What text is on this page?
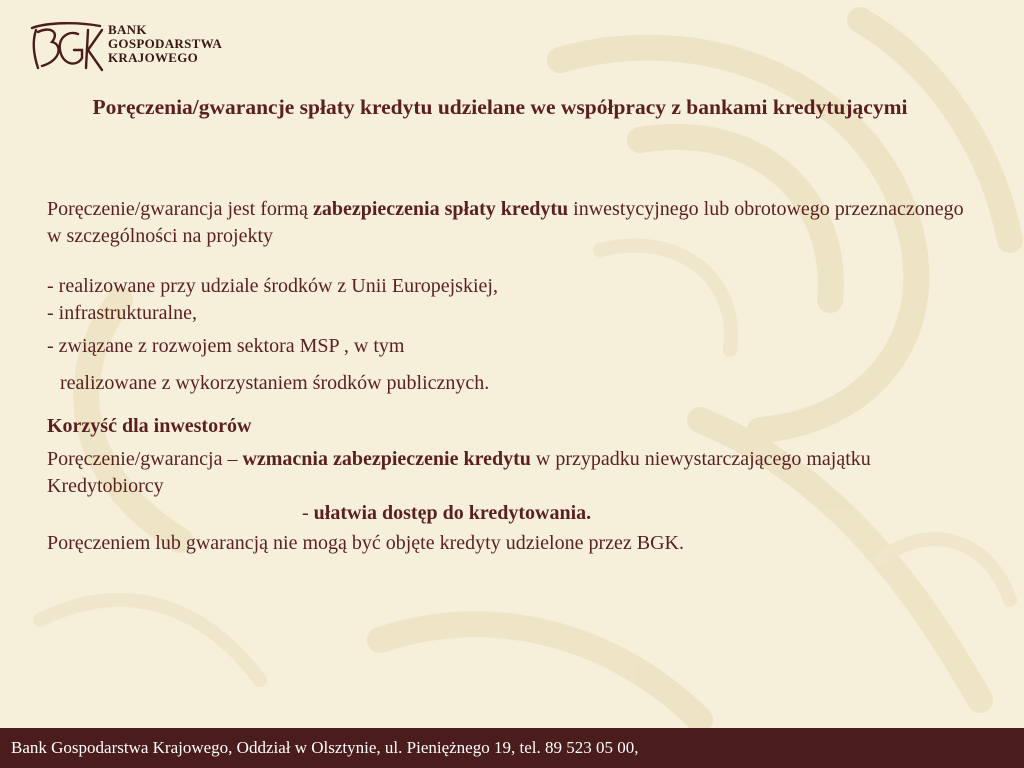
BANK
GOSPODARSTWA
KRAJOWEGO
Poręczenia/gwarancje spłaty kredytu udzielane we współpracy z bankami kredytującymi

Poręczenie/gwarancja jest formą zabezpieczenia spłaty kredytu inwestycyjnego lub obrotowego przeznaczonego w szczególności na projekty

- realizowane przy udziale środków z Unii Europejskiej,

- infrastrukturalne,

- związane z rozwojem sektora MSP , w tym

realizowane z wykorzystaniem środków publicznych.

Korzyść dla inwestorów

Poręczenie/gwarancja – wzmacnia zabezpieczenie kredytu w przypadku niewystarczającego majątku Kredytobiorcy

- ułatwia dostęp do kredytowania.

Poręczeniem lub gwarancją nie mogą być objęte kredyty udzielone przez BGK.

Bank Gospodarstwa Krajowego, Oddział w Olsztynie, ul. Pieniężnego 19, tel. 89 523 05 00,
